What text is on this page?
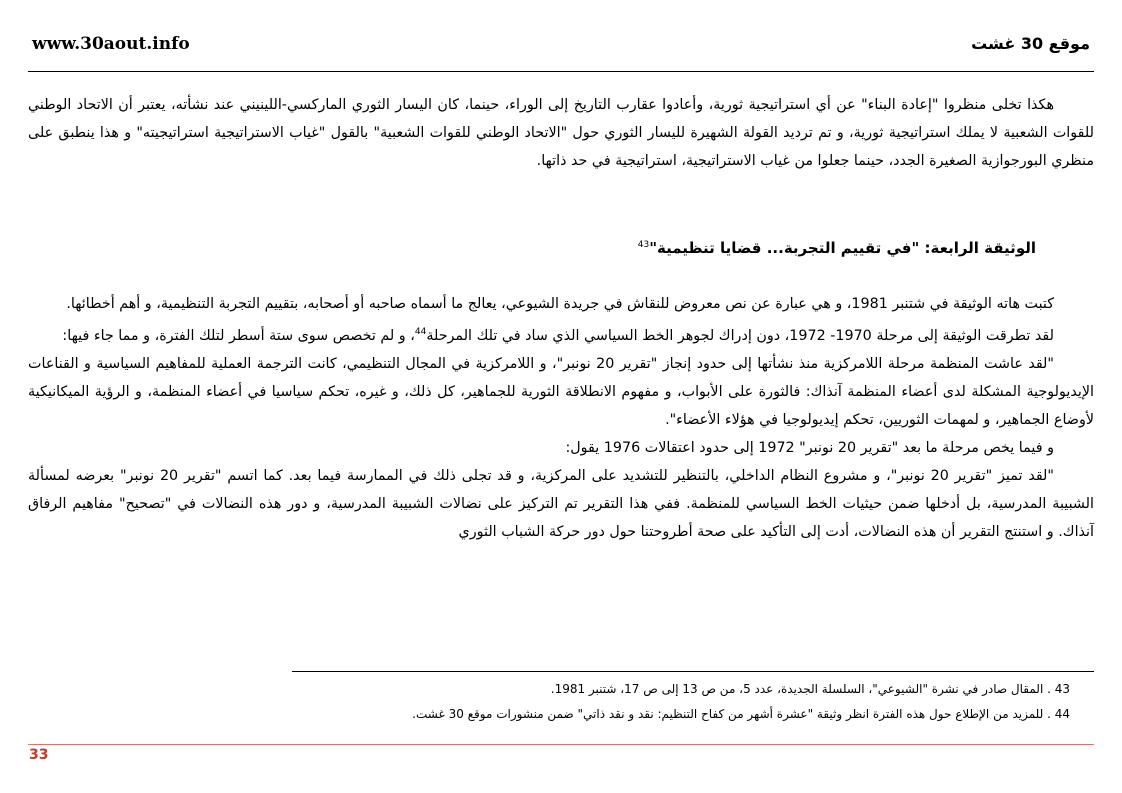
www.30aout.info	موقع 30 غشت

هكذا تخلى منظروا "إعادة البناء" عن أي استراتيجية ثورية، وأعادوا عقارب التاريخ إلى الوراء، حينما، كان اليسار الثوري الماركسي-اللينيني عند نشأته، يعتبر أن الاتحاد الوطني للقوات الشعبية لا يملك استراتيجية ثورية، و تم ترديد القولة الشهيرة لليسار الثوري حول "الاتحاد الوطني للقوات الشعبية" بالقول "غياب الاستراتيجية استراتيجيته" و هذا ينطبق على منظري البورجوازية الصغيرة الجدد، حينما جعلوا من غياب الاستراتيجية، استراتيجية في حد ذاتها.

الوثيقة الرابعة: "في تقييم التجربة... قضايا تنظيمية"$^{43}$

كتبت هاته الوثيقة في شتنبر 1981، و هي عبارة عن نص معروض للنقاش في جريدة الشيوعي، يعالج ما أسماه صاحبه أو أصحابه، بتقييم التجربة التنظيمية، و أهم أخطائها.

لقد تطرقت الوثيقة إلى مرحلة 1970- 1972، دون إدراك لجوهر الخط السياسي الذي ساد في تلك المرحلة$^{44}$، و لم تخصص سوى ستة أسطر لتلك الفترة، و مما جاء فيها:

"لقد عاشت المنظمة مرحلة اللامركزية منذ نشأتها إلى حدود إنجاز "تقرير 20 نونبر"، و اللامركزية في المجال التنظيمي، كانت الترجمة العملية للمفاهيم السياسية و القناعات الإيديولوجية المشكلة لدى أعضاء المنظمة آنذاك: فالثورة على الأبواب، و مفهوم الانطلاقة الثورية للجماهير، كل ذلك، و غيره، تحكم سياسيا في أعضاء المنظمة، و الرؤية الميكانيكية لأوضاع الجماهير، و لمهمات الثوريين، تحكم إيديولوجيا في هؤلاء الأعضاء".

و فيما يخص مرحلة ما بعد "تقرير 20 نونبر" 1972 إلى حدود اعتقالات 1976 يقول:

"لقد تميز "تقرير 20 نونبر"، و مشروع النظام الداخلي، بالتنظير للتشديد على المركزية، و قد تجلى ذلك في الممارسة فيما بعد. كما اتسم "تقرير 20 نونبر" بعرضه لمسألة الشبيبة المدرسية، بل أدخلها ضمن حيثيات الخط السياسي للمنظمة. ففي هذا التقرير تم التركيز على نضالات الشبيبة المدرسية، و دور هذه النضالات في "تصحيح" مفاهيم الرفاق آنذاك. و استنتج التقرير أن هذه النضالات، أدت إلى التأكيد على صحة أطروحتنا حول دور حركة الشباب الثوري

43 . المقال صادر في نشرة "الشيوعي"، السلسلة الجديدة، عدد 5، من ص 13 إلى ص 17، شتنبر 1981.

44 . للمزيد من الإطلاع حول هذه الفترة انظر وثيقة "عشرة أشهر من كفاح التنظيم: نقد و نقد ذاتي" ضمن منشورات موقع 30 غشت.

33
